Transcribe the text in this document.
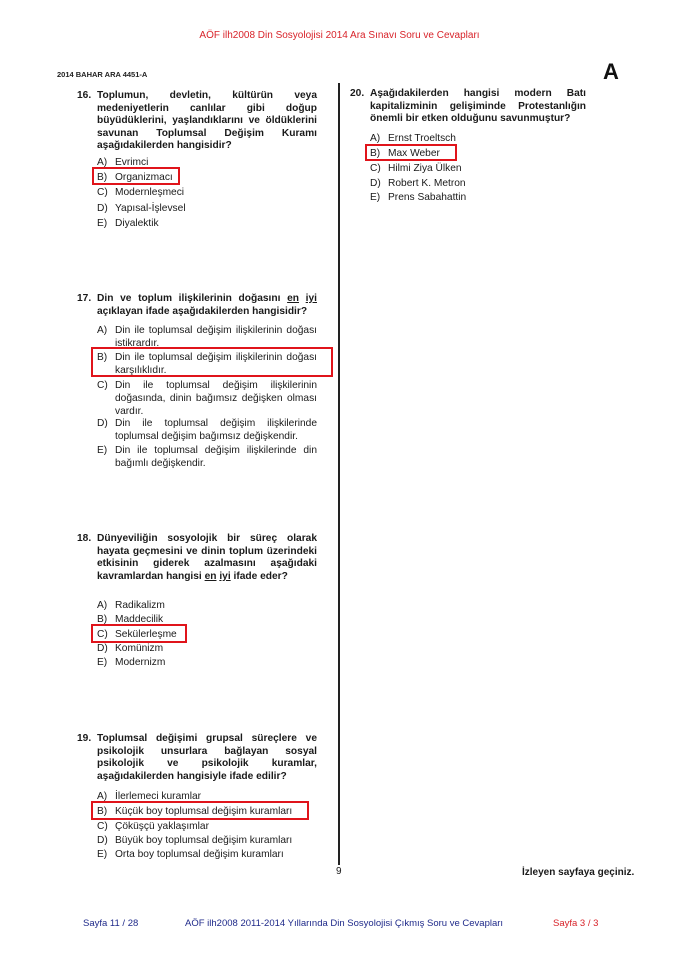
AÖF ilh2008 Din Sosyolojisi 2014 Ara Sınavı Soru ve Cevapları
2014 BAHAR ARA 4451-A	A
16. Toplumun, devletin, kültürün veya medeniyetlerin canlılar gibi doğup büyüdüklerini, yaşlandıklarını ve öldüklerini savunan Toplumsal Değişim Kuramı aşağıdakilerden hangisidir?
A) Evrimci
B) Organizmacı
C) Modernleşmeci
D) Yapısal-İşlevsel
E) Diyalektik
17. Din ve toplum ilişkilerinin doğasını en iyi açıklayan ifade aşağıdakilerden hangisidir?
A) Din ile toplumsal değişim ilişkilerinin doğası istikrardır.
B) Din ile toplumsal değişim ilişkilerinin doğası karşılıklıdır.
C) Din ile toplumsal değişim ilişkilerinin doğasında, dinin bağımsız değişken olması vardır.
D) Din ile toplumsal değişim ilişkilerinde toplumsal değişim bağımsız değişkendir.
E) Din ile toplumsal değişim ilişkilerinde din bağımlı değişkendir.
18. Dünyeviliğin sosyolojik bir süreç olarak hayata geçmesini ve dinin toplum üzerindeki etkisinin giderek azalmasını aşağıdaki kavramlardan hangisi en iyi ifade eder?
A) Radikalizm
B) Maddecilik
C) Sekülerleşme
D) Komünizm
E) Modernizm
19. Toplumsal değişimi grupsal süreçlere ve psikolojik unsurlara bağlayan sosyal psikolojik ve psikolojik kuramlar, aşağıdakilerden hangisiyle ifade edilir?
A) İlerlemeci kuramlar
B) Küçük boy toplumsal değişim kuramları
C) Çöküşçü yaklaşımlar
D) Büyük boy toplumsal değişim kuramları
E) Orta boy toplumsal değişim kuramları
20. Aşağıdakilerden hangisi modern Batı kapitalizminin gelişiminde Protestanlığın önemli bir etken olduğunu savunmuştur?
A) Ernst Troeltsch
B) Max Weber
C) Hilmi Ziya Ülken
D) Robert K. Metron
E) Prens Sabahattin
9	İzleyen sayfaya geçiniz.
Sayfa 11 / 28	AÖF ilh2008 2011-2014 Yıllarında Din Sosyolojisi Çıkmış Soru ve Cevapları	Sayfa 3 / 3
